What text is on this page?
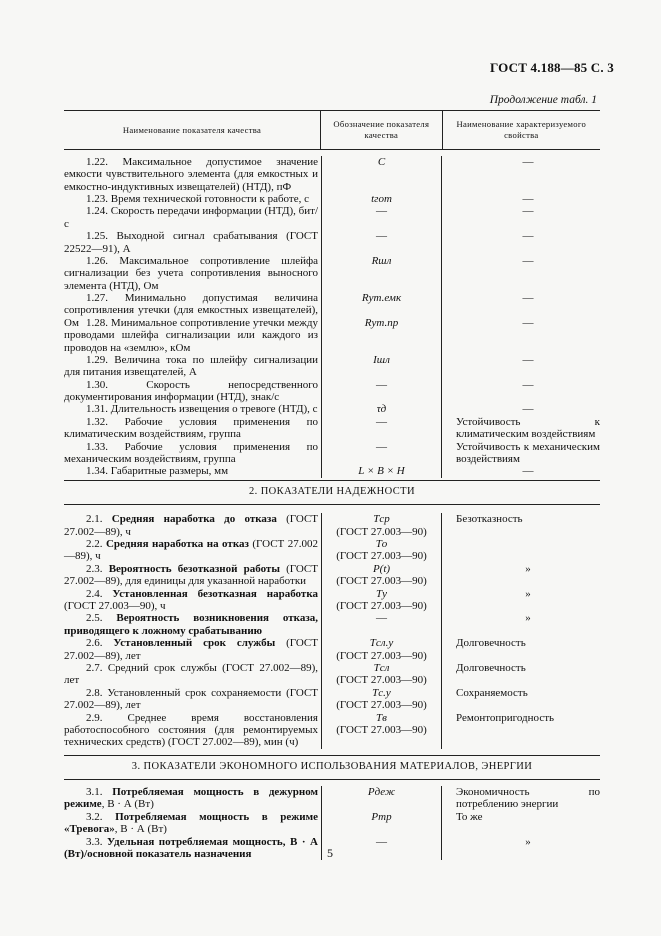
ГОСТ 4.188—85 С. 3
Продолжение табл. 1
Наименование показателя качества
Обозначение показателя качества
Наименование характеризуемого свойства
1.22. Максимальное допустимое значение емкости чувствительного элемента (для емкостных и емкостно-индуктивных извещателей) (НТД), пФ
1.23. Время технической готовности к работе, с
1.24. Скорость передачи информации (НТД), бит/с
1.25. Выходной сигнал срабатывания (ГОСТ 22522—91), А
1.26. Максимальное сопротивление шлейфа сигнализации без учета сопротивления выносного элемента (НТД), Ом
1.27. Минимально допустимая величина сопротивления утечки (для емкостных извещателей), Ом 1.28. Минимальное сопротивление утечки между проводами шлейфа сигнализации или каждого из проводов на «землю», кОм
1.29. Величина тока по шлейфу сигнализации для питания извещателей, А
1.30.	Скорость непосредственного документирования информации (НТД), знак/с
1.31. Длительность извещения о тревоге (НТД), с
1.32. Рабочие условия применения по климатическим воздействиям, группа
1.33. Рабочие условия применения по механическим воздействиям, группа
1.34. Габаритные размеры, мм
C
tгот
—
—
Rшл
Rут.емк
Rут.пр
Iшл
—
τд
—
—
L × B × H
—
—
—
—
—
—
—
—
—
—
Устойчивость к климатическим воздействиям
Устойчивость к механическим воздействиям
—
2. ПОКАЗАТЕЛИ НАДЕЖНОСТИ
2.1. Средняя наработка до отказа (ГОСТ 27.002—89), ч
2.2. Средняя наработка на отказ (ГОСТ 27.002—89), ч
2.3. Вероятность безотказной работы (ГОСТ 27.002—89), для единицы для указанной наработки
2.4. Установленная безотказная наработка (ГОСТ 27.003—90), ч
2.5. Вероятность возникновения отказа, приводящего к ложному срабатыванию
2.6. Установленный срок службы (ГОСТ 27.002—89), лет
2.7. Средний срок службы (ГОСТ 27.002—89), лет
2.8. Установленный срок сохраняемости (ГОСТ 27.002—89), лет
2.9. Среднее время восстановления работоспособного состояния (для ремонтируемых технических средств) (ГОСТ 27.002—89), мин (ч)
Tср
(ГОСТ 27.003—90)
Tо
(ГОСТ 27.003—90)
P(t)
(ГОСТ 27.003—90)
Tу
(ГОСТ 27.003—90)
—
Tсл.у
(ГОСТ 27.003—90)
Tсл
(ГОСТ 27.003—90)
Tс.у
(ГОСТ 27.003—90)
Tв
(ГОСТ 27.003—90)
Безотказность
»
»
»
Долговечность
Долговечность
Сохраняемость
Ремонтопригодность
3. ПОКАЗАТЕЛИ ЭКОНОМНОГО ИСПОЛЬЗОВАНИЯ МАТЕРИАЛОВ, ЭНЕРГИИ
3.1. Потребляемая мощность в дежурном режиме, В · А (Вт)
3.2. Потребляемая мощность в режиме «Тревога», В · А (Вт)
3.3. Удельная потребляемая мощность, В · А (Вт)/основной показатель назначения
Pдеж
Pтр
—
Экономичность по потреблению энергии
То же
»
5
